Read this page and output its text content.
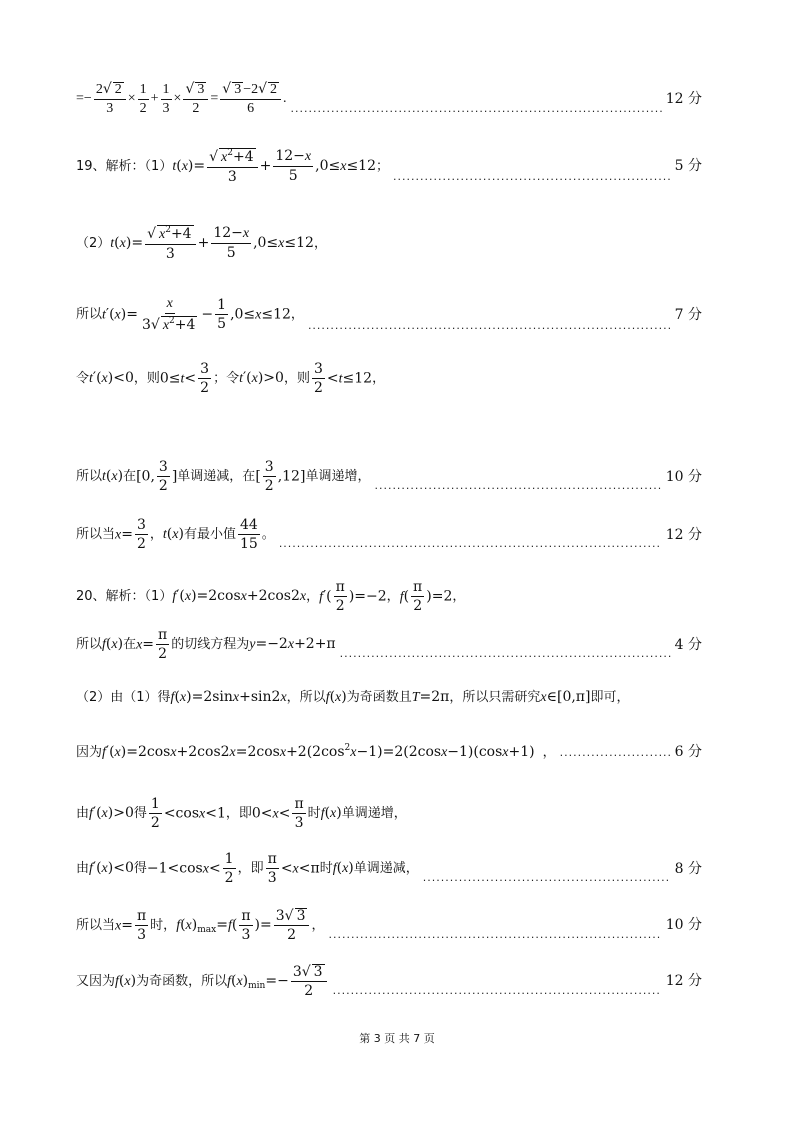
= − $\frac{2√ 2}{3} \times \frac{1}{2} + \frac{1}{3} \times \frac{√ 3}{2} = \frac{√ 3 -2√ 2}{6}$ .
.....	12 分
19、解析：（1） $t(x)= \frac{√ x^2+4}{3} + \frac{12-x}{5} ,0\le x\le 12$ ；
.....	5 分
（2） $t(x)= \frac{√ x^2+4}{3} + \frac{12-x}{5} ,0\le x\le 12$ ，
所以 $t'(x)= \frac{x}{3√ x^2+4} - \frac{1}{5} ,0\le x\le 12$ ，
.....	7 分
令 t′(x)<0 ，则 $0\le t< \frac{3}{2}$ ；令 t′(x)>0 ，则 $\frac{3}{2} <t\le 12$ ，
所以 t(x) 在 [0, $\frac{3}{2}$ ] 单调递减，在 [ $\frac{3}{2} ,12$] 单调递增，
.....	10 分
所以当 $x= \frac{3}{2}$ ， t(x) 有最小值 $\frac{44}{15}$ 。
.....	12 分
20、解析：（1） f′(x)=2cosx+2cos2x ， $f'( \frac{\pi}{2} )=-2$ ， $f( \frac{\pi}{2} )=2$ ，
所以 f(x) 在 $x= \frac{\pi}{2}$ 的切线方程为 y=−2x+2+π
.....	4 分
（2）由（1）得 f(x)=2sinx+sin2x ，所以 f(x) 为奇函数且 T=2π ，所以只需研究 x∈[0,π] 即可，
因为 $f'(x)=2\cos x+2\cos 2x=2\cos x+2(2\cos^2x-1)=2(2\cos x-1)(\cos x+1)$ ，
.....	6 分
由 f′(x)>0 得 $\frac{1}{2} <\cos x<1$ ，即 $0<x< \frac{\pi}{3}$ 时 f(x) 单调递增，
由 f′(x)<0 得 $-1<\cos x< \frac{1}{2}$ ，即 $\frac{\pi}{3} <x<\pi$ 时 f(x) 单调递减，
.....	8 分
所以当 $x= \frac{\pi}{3}$ 时， $f(x)_{max}=f( \frac{\pi}{3}$ )= $\frac{3√ 3}{2}$ ，
.....	10 分
又因为 f(x) 为奇函数，所以 $f(x)_{min}=- \frac{3√ 3}{2}$
.....	12 分
第 3 页 共 7 页
